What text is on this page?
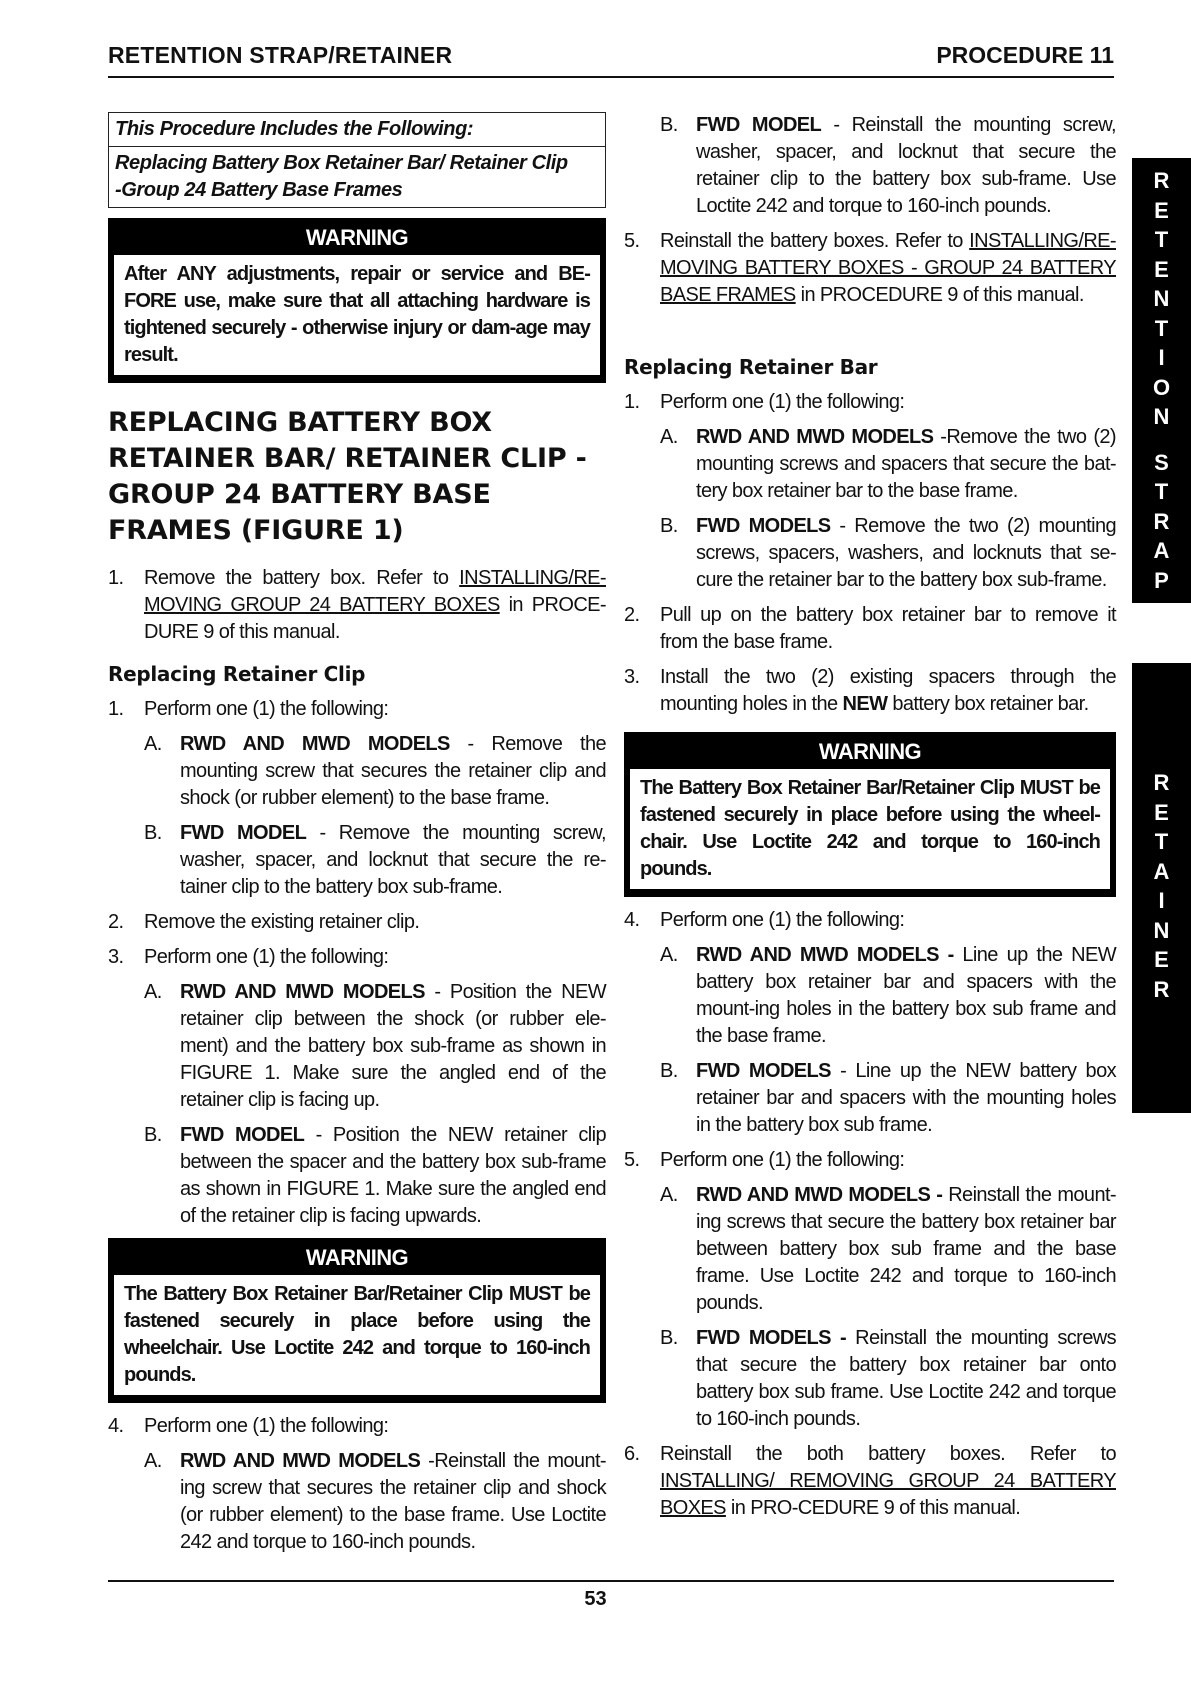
RETENTION STRAP/RETAINER	PROCEDURE 11
This Procedure Includes the Following:
Replacing Battery Box Retainer Bar/ Retainer Clip
-Group 24 Battery Base Frames
WARNING
After ANY adjustments, repair or service and BE-FORE use, make sure that all attaching hardware is tightened securely - otherwise injury or dam-age may result.
REPLACING BATTERY BOX RETAINER BAR/ RETAINER CLIP - GROUP 24 BATTERY BASE FRAMES (FIGURE 1)
1. Remove the battery box. Refer to INSTALLING/RE-MOVING GROUP 24 BATTERY BOXES in PROCE-DURE 9 of this manual.
Replacing Retainer Clip
1. Perform one (1) the following:
A. RWD AND MWD MODELS - Remove the mounting screw that secures the retainer clip and shock (or rubber element) to the base frame.
B. FWD MODEL - Remove the mounting screw, washer, spacer, and locknut that secure the re-tainer clip to the battery box sub-frame.
2. Remove the existing retainer clip.
3. Perform one (1) the following:
A. RWD AND MWD MODELS - Position the NEW retainer clip between the shock (or rubber ele-ment) and the battery box sub-frame as shown in FIGURE 1. Make sure the angled end of the retainer clip is facing up.
B. FWD MODEL - Position the NEW retainer clip between the spacer and the battery box sub-frame as shown in FIGURE 1. Make sure the angled end of the retainer clip is facing upwards.
WARNING
The Battery Box Retainer Bar/Retainer Clip MUST be fastened securely in place before using the wheelchair. Use Loctite 242 and torque to 160-inch pounds.
4. Perform one (1) the following:
A. RWD AND MWD MODELS -Reinstall the mount-ing screw that secures the retainer clip and shock (or rubber element) to the base frame. Use Loctite 242 and torque to 160-inch pounds.
B. FWD MODEL - Reinstall the mounting screw, washer, spacer, and locknut that secure the retainer clip to the battery box sub-frame. Use Loctite 242 and torque to 160-inch pounds.
5. Reinstall the battery boxes. Refer to INSTALLING/RE-MOVING BATTERY BOXES - GROUP 24 BATTERY BASE FRAMES in PROCEDURE 9 of this manual.
Replacing Retainer Bar
1. Perform one (1) the following:
A. RWD AND MWD MODELS -Remove the two (2) mounting screws and spacers that secure the bat-tery box retainer bar to the base frame.
B. FWD MODELS - Remove the two (2) mounting screws, spacers, washers, and locknuts that se-cure the retainer bar to the battery box sub-frame.
2. Pull up on the battery box retainer bar to remove it from the base frame.
3. Install the two (2) existing spacers through the mounting holes in the NEW battery box retainer bar.
WARNING
The Battery Box Retainer Bar/Retainer Clip MUST be fastened securely in place before using the wheel-chair. Use Loctite 242 and torque to 160-inch pounds.
4. Perform one (1) the following:
A. RWD AND MWD MODELS - Line up the NEW battery box retainer bar and spacers with the mount-ing holes in the battery box sub frame and the base frame.
B. FWD MODELS - Line up the NEW battery box retainer bar and spacers with the mounting holes in the battery box sub frame.
5. Perform one (1) the following:
A. RWD AND MWD MODELS - Reinstall the mount-ing screws that secure the battery box retainer bar between battery box sub frame and the base frame. Use Loctite 242 and torque to 160-inch pounds.
B. FWD MODELS - Reinstall the mounting screws that secure the battery box retainer bar onto battery box sub frame. Use Loctite 242 and torque to 160-inch pounds.
6. Reinstall the both battery boxes. Refer to INSTALLING/ REMOVING GROUP 24 BATTERY BOXES in PRO-CEDURE 9 of this manual.
R
E
T
E
N
T
I
O
N
S
T
R
A
P
R
E
T
A
I
N
E
R
53
